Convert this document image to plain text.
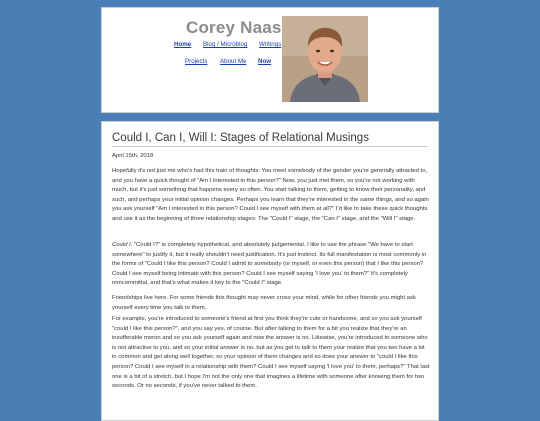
Corey Naas
Home Blog / Microblog Writings
Projects About Me Now
Could I, Can I, Will I: Stages of Relational Musings

April 15th, 2018

Hopefully it's not just me who's had this train of thoughts: You meet somebody of the gender you're generally attracted to, and you have a quick thought of "Am I interested in this person?" Now, you just met them, so you're not working with much, but it's just something that happens every so often. You start talking to them, getting to know their personality, and such, and perhaps your initial opinion changes. Perhaps you learn that they're interested in the same things, and so again you ask yourself "Am I interested in this person? Could I see myself with them at all?" I'd like to take these quick thoughts and use it as the beginning of three relationship stages: The "Could I" stage, the "Can I" stage, and the "Will I" stage.

Could I. "Could I?" is completely hypothetical, and absolutely judgemental. I like to use the phrase "We have to start somewhere" to justify it, but it really shouldn't need justification. It's just instinct. Its full manifestation is most commonly in the forms of "Could I like this person? Could I admit to somebody (or myself, or even this person) that I like this person? Could I see myself being intimate with this person? Could I see myself saying 'I love you' to them?" It's completely noncommittal, and that's what makes it key to the "Could I" stage.

Friendships live here. For some friends this thought may never cross your mind, while for other friends you might ask yourself every time you talk to them.

For example, you're introduced to someone's friend at first you think they're cute or handsome, and so you ask yourself "could I like this person?", and you say yes, of course. But after talking to them for a bit you realize that they're an insufferable moron and so you ask yourself again and now the answer is no. Likewise, you're introduced to someone who is not attractive to you, and so your initial answer is no, but as you get to talk to them your realize that you two have a lot in common and get along well together, so your opinion of them changes and so does your answer to "could I like this person? Could I see myself in a relationship with them? Could I see myself saying 'I love you' to them, perhaps?" That last one is a bit of a stretch, but I hope I'm not the only one that imagines a lifetime with someone after knowing them for two seconds. Or no seconds, if you've never talked to them.
